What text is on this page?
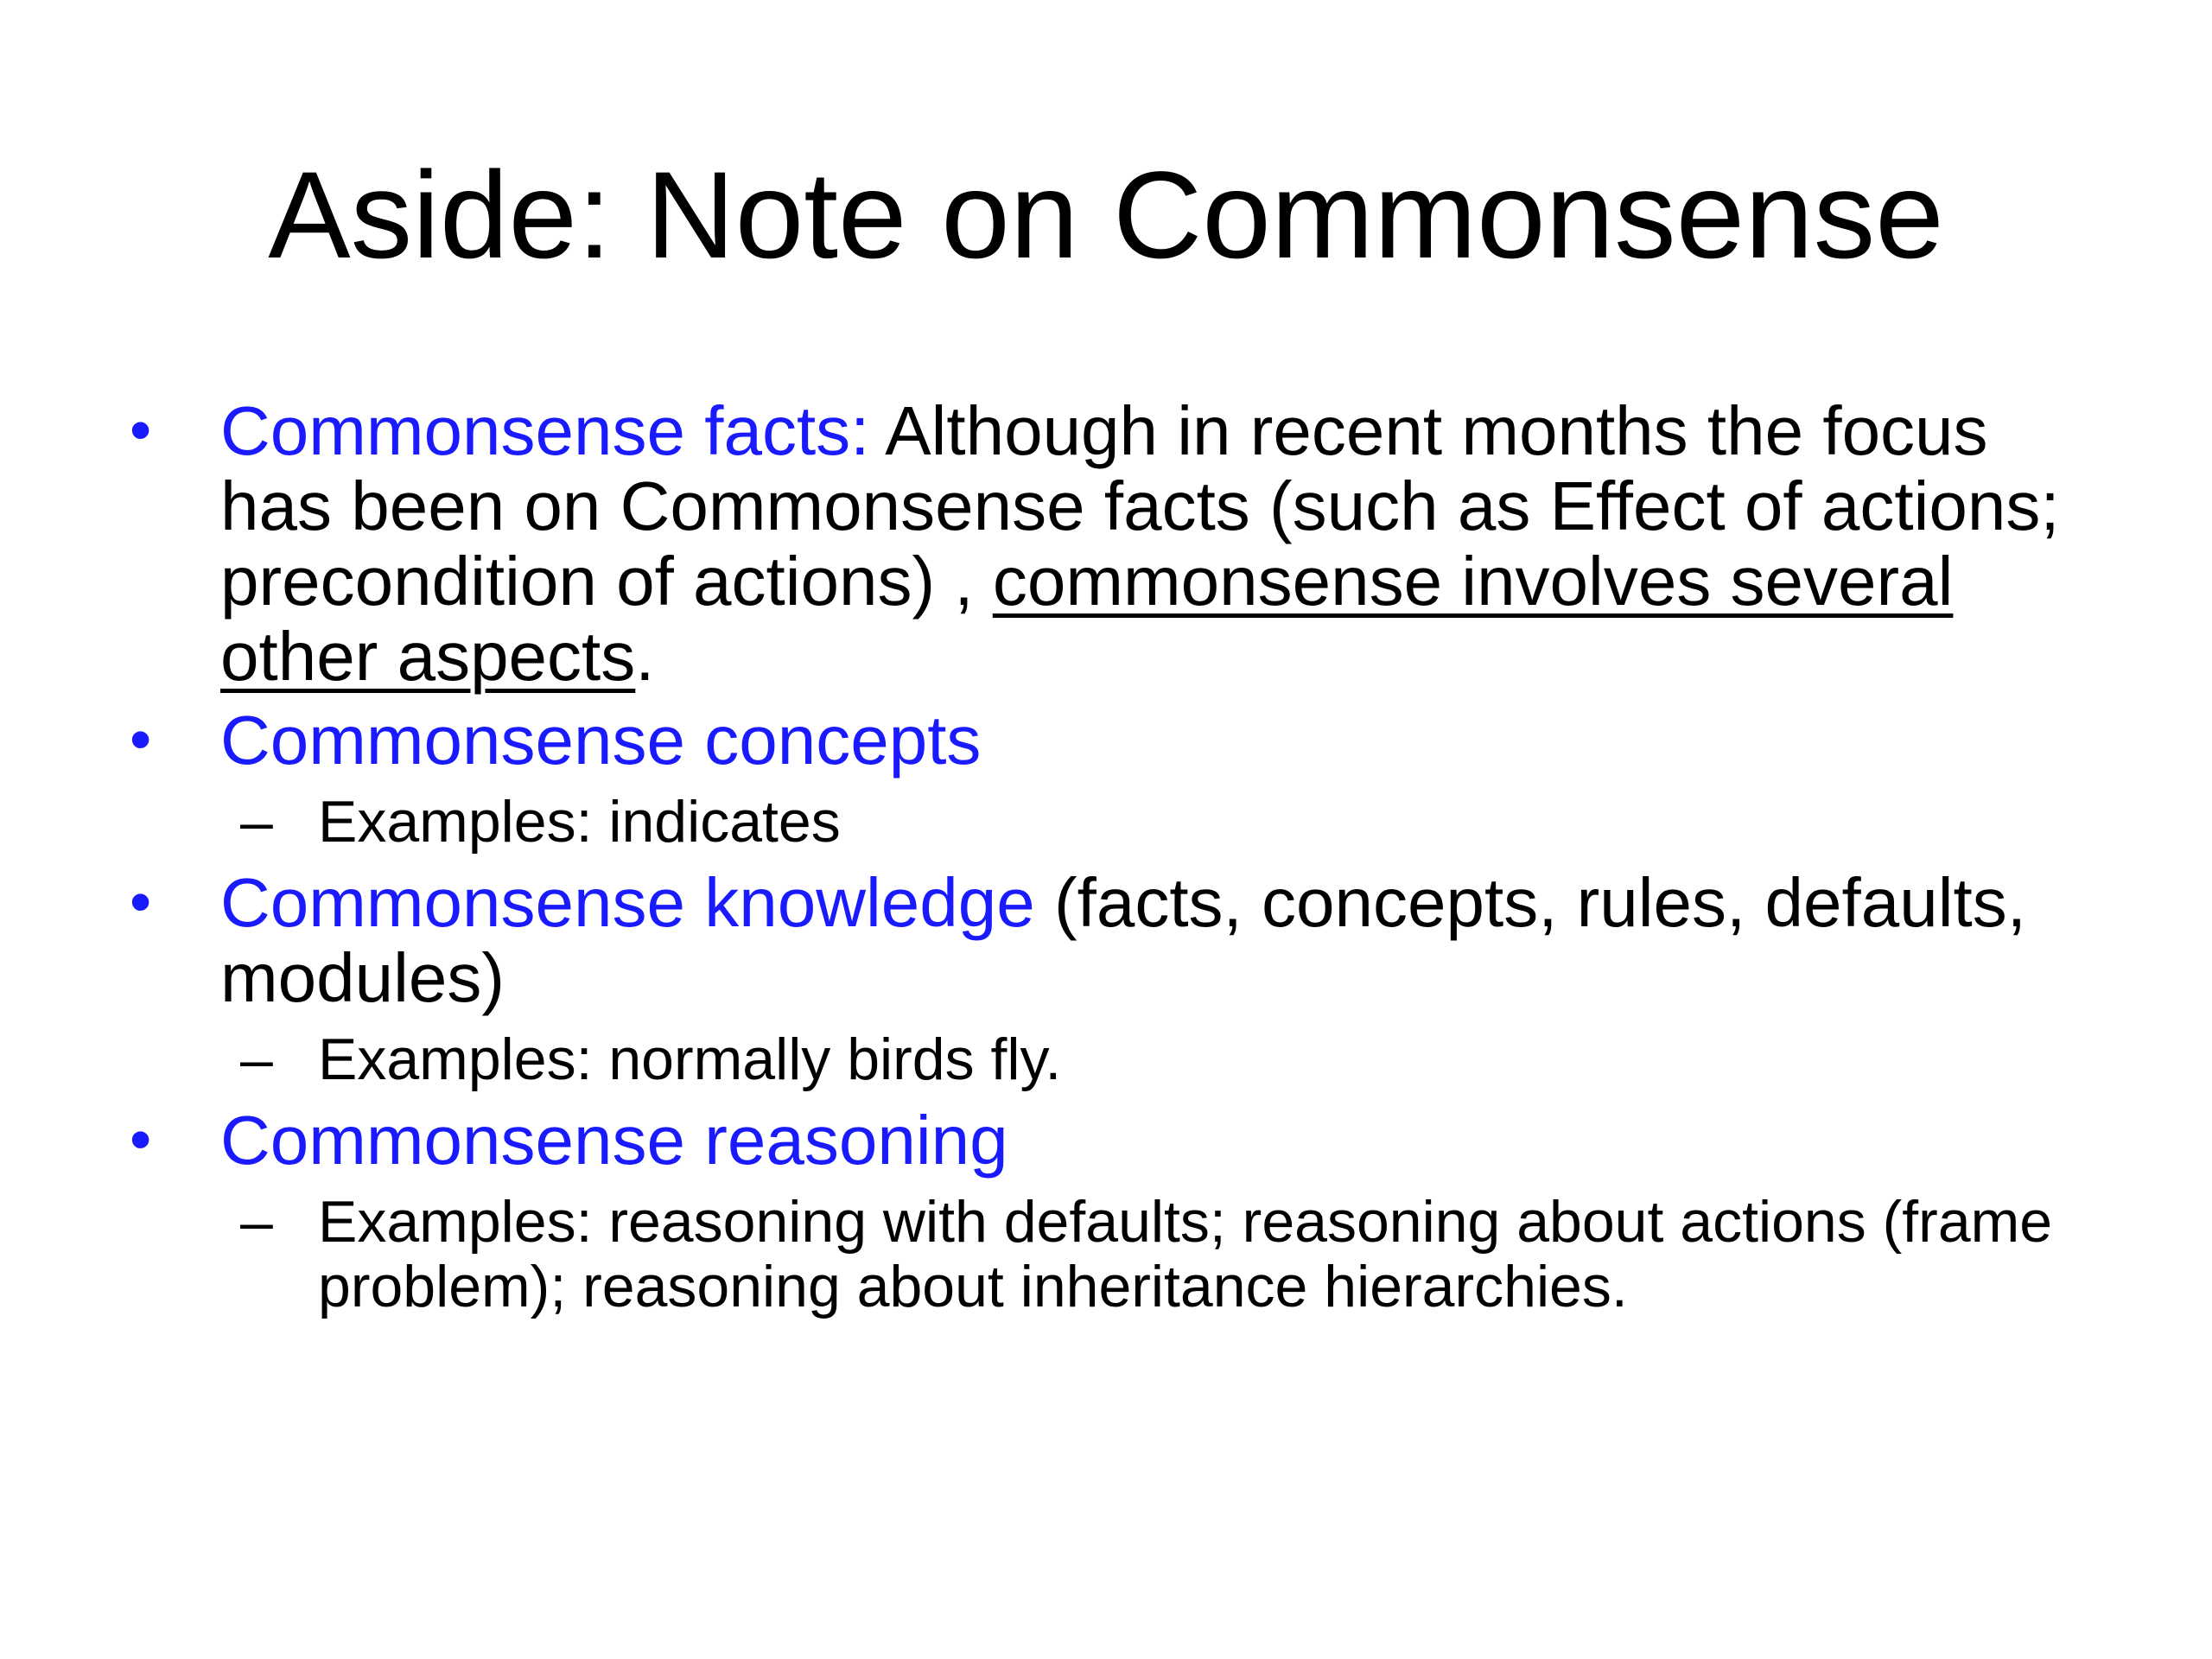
Aside: Note on Commonsense
• Commonsense facts: Although in recent months the focus has been on Commonsense facts (such as Effect of actions; precondition of actions) , commonsense involves several other aspects.
• Commonsense concepts
– Examples: indicates
• Commonsense knowledge (facts, concepts, rules, defaults, modules)
– Examples: normally birds fly.
• Commonsense reasoning
– Examples: reasoning with defaults; reasoning about actions (frame problem); reasoning about inheritance hierarchies.
